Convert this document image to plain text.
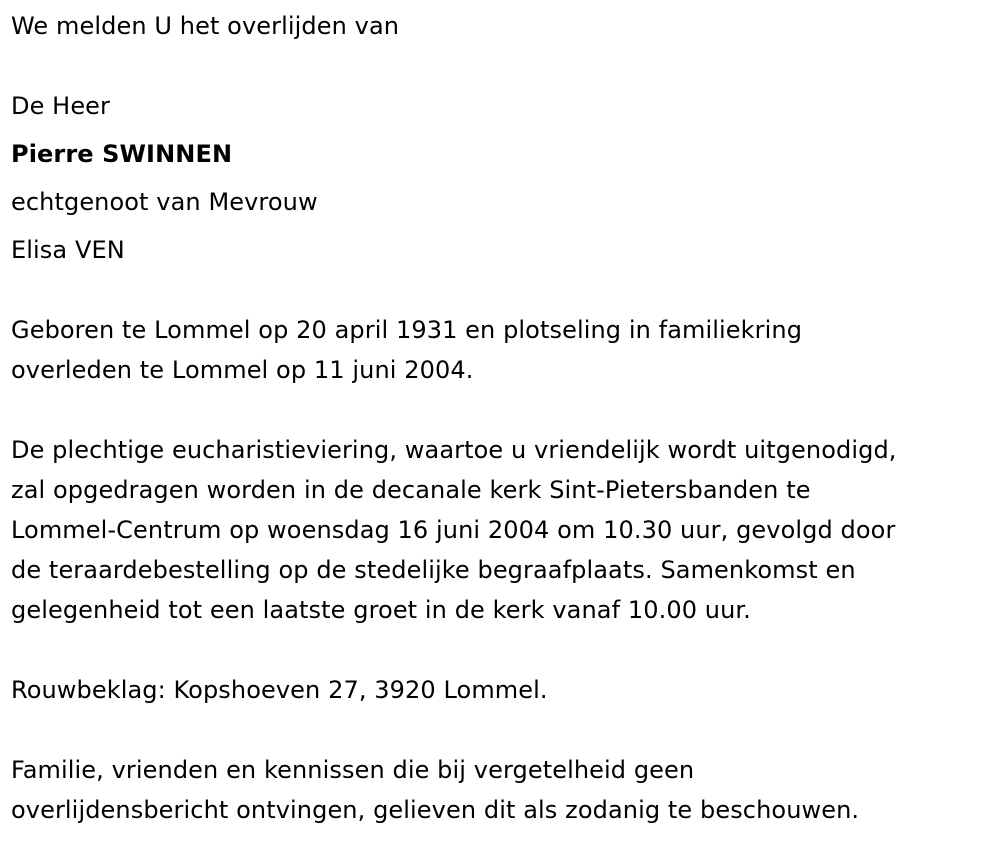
We melden U het overlijden van
De Heer
Pierre SWINNEN
echtgenoot van Mevrouw
Elisa VEN
Geboren te Lommel op 20 april 1931 en plotseling in familiekring
overleden te Lommel op 11 juni 2004.
De plechtige eucharistieviering, waartoe u vriendelijk wordt uitgenodigd,
zal opgedragen worden in de decanale kerk Sint-Pietersbanden te
Lommel-Centrum op woensdag 16 juni 2004 om 10.30 uur, gevolgd door
de teraardebestelling op de stedelijke begraafplaats. Samenkomst en
gelegenheid tot een laatste groet in de kerk vanaf 10.00 uur.
Rouwbeklag: Kopshoeven 27, 3920 Lommel.
Familie, vrienden en kennissen die bij vergetelheid geen
overlijdensbericht ontvingen, gelieven dit als zodanig te beschouwen.
